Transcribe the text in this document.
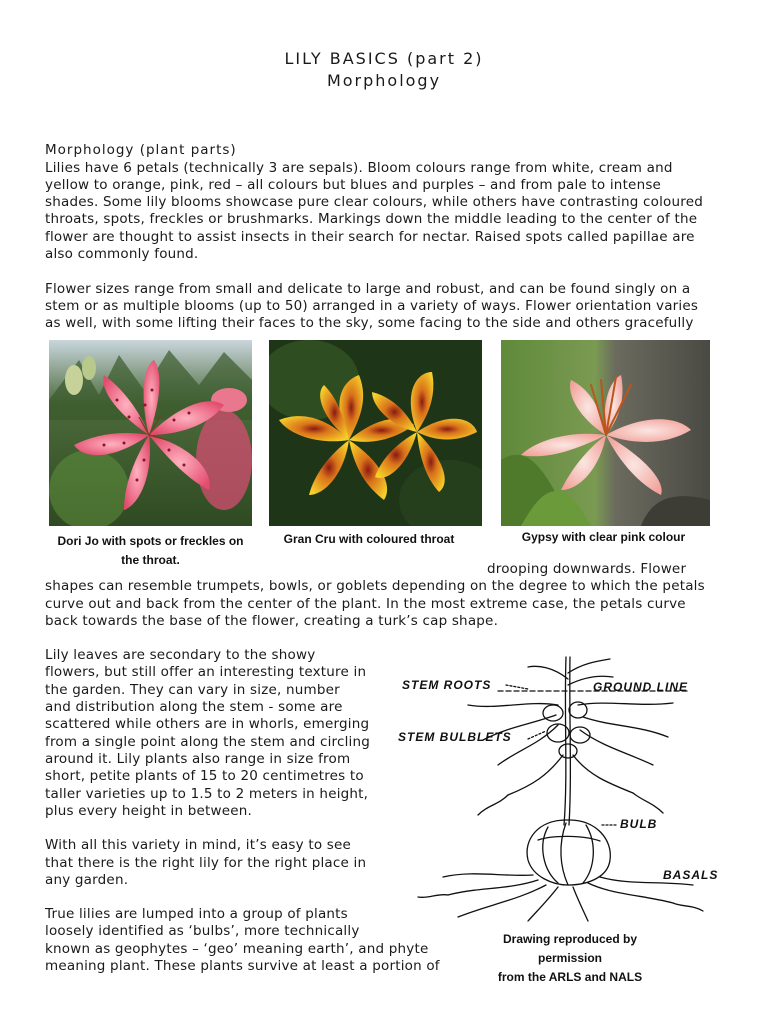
LILY BASICS (part 2)
Morphology
Morphology (plant parts)
Lilies have 6 petals (technically 3 are sepals). Bloom colours range from white, cream and
yellow to orange, pink, red – all colours but blues and purples – and from pale to intense
shades. Some lily blooms showcase pure clear colours, while others have contrasting coloured
throats, spots, freckles or brushmarks. Markings down the middle leading to the center of the
flower are thought to assist insects in their search for nectar. Raised spots called papillae are
also commonly found.
Flower sizes range from small and delicate to large and robust, and can be found singly on a
stem or as multiple blooms (up to 50) arranged in a variety of ways. Flower orientation varies
as well, with some lifting their faces to the sky, some facing to the side and others gracefully
Dori Jo with spots or freckles on
the throat.
Gran Cru with coloured throat	Gypsy with clear pink colour
drooping downwards. Flower
shapes can resemble trumpets, bowls, or goblets depending on the degree to which the petals
curve out and back from the center of the plant. In the most extreme case, the petals curve
back towards the base of the flower, creating a turk’s cap shape.
Lily leaves are secondary to the showy
flowers, but still offer an interesting texture in
the garden. They can vary in size, number
and distribution along the stem - some are
scattered while others are in whorls, emerging
from a single point along the stem and circling
around it. Lily plants also range in size from
short, petite plants of 15 to 20 centimetres to
taller varieties up to 1.5 to 2 meters in height,
plus every height in between.
With all this variety in mind, it’s easy to see
that there is the right lily for the right place in
any garden.
True lilies are lumped into a group of plants
loosely identified as ‘bulbs’, more technically
known as geophytes – ‘geo’ meaning earth’, and phyte
meaning plant. These plants survive at least a portion of
STEM ROOTS	GROUND LINE
STEM BULBLETS
BULB
BASALS
Drawing reproduced by permission
from the ARLS and NALS
